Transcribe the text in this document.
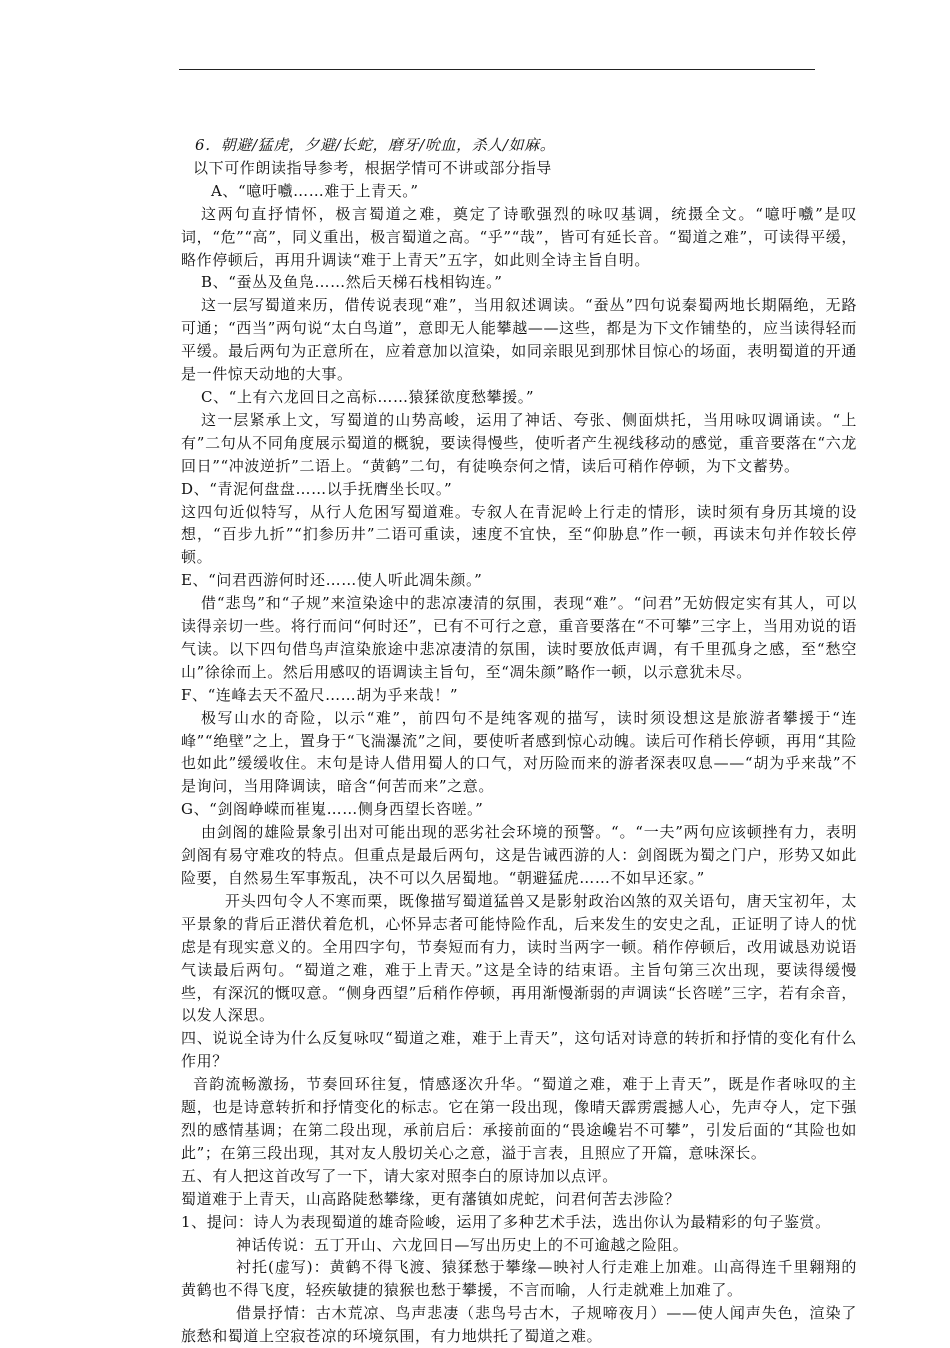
6．朝避/猛虎，夕避/长蛇，磨牙/吮血，杀人/如麻。

以下可作朗读指导参考，根据学情可不讲或部分指导

A、“噫吁嚱……难于上青天。”

这两句直抒情怀，极言蜀道之难，奠定了诗歌强烈的咏叹基调，统摄全文。“噫吁嚱”是叹词，“危”“高”，同义重出，极言蜀道之高。“乎”“哉”，皆可有延长音。“蜀道之难”，可读得平缓，略作停顿后，再用升调读“难于上青天”五字，如此则全诗主旨自明。

B、“蚕丛及鱼凫……然后天梯石栈相钩连。”

这一层写蜀道来历，借传说表现“难”，当用叙述调读。“蚕丛”四句说秦蜀两地长期隔绝，无路可通；“西当”两句说“太白鸟道”，意即无人能攀越——这些，都是为下文作铺垫的，应当读得轻而平缓。最后两句为正意所在，应着意加以渲染，如同亲眼见到那怵目惊心的场面，表明蜀道的开通是一件惊天动地的大事。

C、“上有六龙回日之高标……猿猱欲度愁攀援。”

这一层紧承上文，写蜀道的山势高峻，运用了神话、夸张、侧面烘托，当用咏叹调诵读。“上有”二句从不同角度展示蜀道的概貌，要读得慢些，使听者产生视线移动的感觉，重音要落在“六龙回日”“冲波逆折”二语上。“黄鹤”二句，有徒唤奈何之情，读后可稍作停顿，为下文蓄势。

D、“青泥何盘盘……以手抚膺坐长叹。”

这四句近似特写，从行人危困写蜀道难。专叙人在青泥岭上行走的情形，读时须有身历其境的设想，“百步九折”“扪参历井”二语可重读，速度不宜快，至“仰胁息”作一顿，再读末句并作较长停顿。

E、“问君西游何时还……使人听此凋朱颜。”

借“悲鸟”和“子规”来渲染途中的悲凉凄清的氛围，表现“难”。“问君”无妨假定实有其人，可以读得亲切一些。将行而问“何时还”，已有不可行之意，重音要落在“不可攀”三字上，当用劝说的语气读。以下四句借鸟声渲染旅途中悲凉凄清的氛围，读时要放低声调，有千里孤身之感，至“愁空山”徐徐而上。然后用感叹的语调读主旨句，至“凋朱颜”略作一顿，以示意犹未尽。

F、“连峰去天不盈尺……胡为乎来哉！”

极写山水的奇险，以示“难”，前四句不是纯客观的描写，读时须设想这是旅游者攀援于“连峰”“绝壁”之上，置身于“飞湍瀑流”之间，要使听者感到惊心动魄。读后可作稍长停顿，再用“其险也如此”缓缓收住。末句是诗人借用蜀人的口气，对历险而来的游者深表叹息——“胡为乎来哉”不是询问，当用降调读，暗含“何苦而来”之意。

G、“剑阁峥嵘而崔嵬……侧身西望长咨嗟。”

由剑阁的雄险景象引出对可能出现的恶劣社会环境的预警。“。“一夫”两句应该顿挫有力，表明剑阁有易守难攻的特点。但重点是最后两句，这是告诫西游的人：剑阁既为蜀之门户，形势又如此险要，自然易生军事叛乱，决不可以久居蜀地。“朝避猛虎……不如早还家。”

开头四句令人不寒而栗，既像描写蜀道猛兽又是影射政治凶煞的双关语句，唐天宝初年，太平景象的背后正潜伏着危机，心怀异志者可能恃险作乱，后来发生的安史之乱，正证明了诗人的忧虑是有现实意义的。全用四字句，节奏短而有力，读时当两字一顿。稍作停顿后，改用诚恳劝说语气读最后两句。“蜀道之难，难于上青天。”这是全诗的结束语。主旨句第三次出现，要读得缓慢些，有深沉的慨叹意。“侧身西望”后稍作停顿，再用渐慢渐弱的声调读“长咨嗟”三字，若有余音，以发人深思。

四、说说全诗为什么反复咏叹“蜀道之难，难于上青天”，这句话对诗意的转折和抒情的变化有什么作用？

音韵流畅激扬，节奏回环往复，情感逐次升华。“蜀道之难，难于上青天”，既是作者咏叹的主题，也是诗意转折和抒情变化的标志。它在第一段出现，像晴天霹雳震撼人心，先声夺人，定下强烈的感情基调；在第二段出现，承前启后：承接前面的“畏途巉岩不可攀”，引发后面的“其险也如此”；在第三段出现，其对友人殷切关心之意，溢于言表，且照应了开篇，意味深长。

五、有人把这首改写了一下，请大家对照李白的原诗加以点评。

蜀道难于上青天，山高路陡愁攀缘，更有藩镇如虎蛇，问君何苦去涉险？

1、提问：诗人为表现蜀道的雄奇险峻，运用了多种艺术手法，选出你认为最精彩的句子鉴赏。

神话传说：五丁开山、六龙回日—写出历史上的不可逾越之险阻。

衬托(虚写)：黄鹤不得飞渡、猿猱愁于攀缘—映衬人行走难上加难。山高得连千里翱翔的黄鹤也不得飞度，轻疾敏捷的猿猴也愁于攀援，不言而喻，人行走就难上加难了。

借景抒情：古木荒凉、鸟声悲凄（悲鸟号古木，子规啼夜月）——使人闻声失色，渲染了旅愁和蜀道上空寂苍凉的环境氛围，有力地烘托了蜀道之难。
